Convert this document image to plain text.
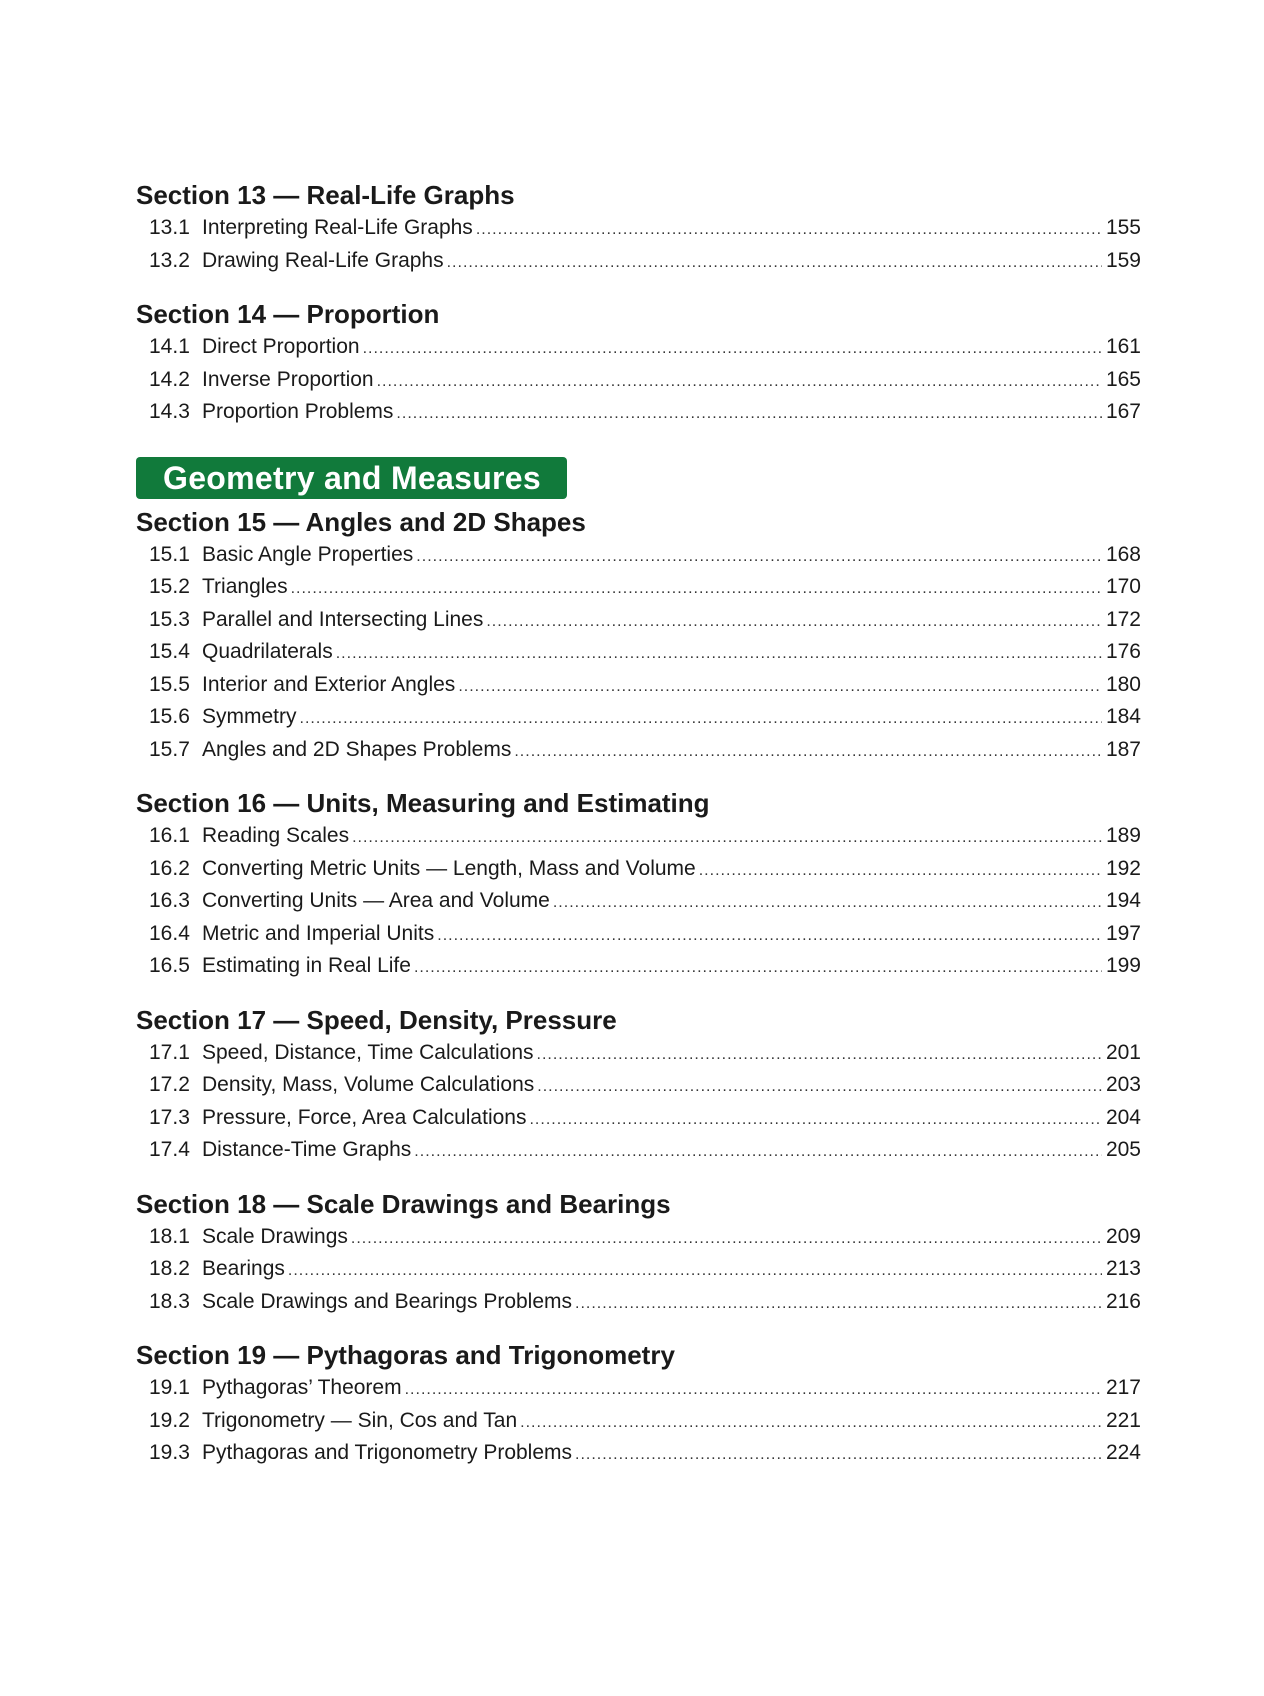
Section 13 — Real-Life Graphs
13.1 Interpreting Real-Life Graphs .....	155
13.2 Drawing Real-Life Graphs .....	159
Section 14 — Proportion
14.1 Direct Proportion .....	161
14.2 Inverse Proportion .....	165
14.3 Proportion Problems .....	167
Geometry and Measures
Section 15 — Angles and 2D Shapes
15.1 Basic Angle Properties .....	168
15.2 Triangles .....	170
15.3 Parallel and Intersecting Lines .....	172
15.4 Quadrilaterals .....	176
15.5 Interior and Exterior Angles .....	180
15.6 Symmetry .....	184
15.7 Angles and 2D Shapes Problems .....	187
Section 16 — Units, Measuring and Estimating
16.1 Reading Scales .....	189
16.2 Converting Metric Units — Length, Mass and Volume .....	192
16.3 Converting Units — Area and Volume .....	194
16.4 Metric and Imperial Units .....	197
16.5 Estimating in Real Life .....	199
Section 17 — Speed, Density, Pressure
17.1 Speed, Distance, Time Calculations .....	201
17.2 Density, Mass, Volume Calculations .....	203
17.3 Pressure, Force, Area Calculations .....	204
17.4 Distance-Time Graphs .....	205
Section 18 — Scale Drawings and Bearings
18.1 Scale Drawings .....	209
18.2 Bearings .....	213
18.3 Scale Drawings and Bearings Problems .....	216
Section 19 — Pythagoras and Trigonometry
19.1 Pythagoras’ Theorem .....	217
19.2 Trigonometry — Sin, Cos and Tan .....	221
19.3 Pythagoras and Trigonometry Problems .....	224
